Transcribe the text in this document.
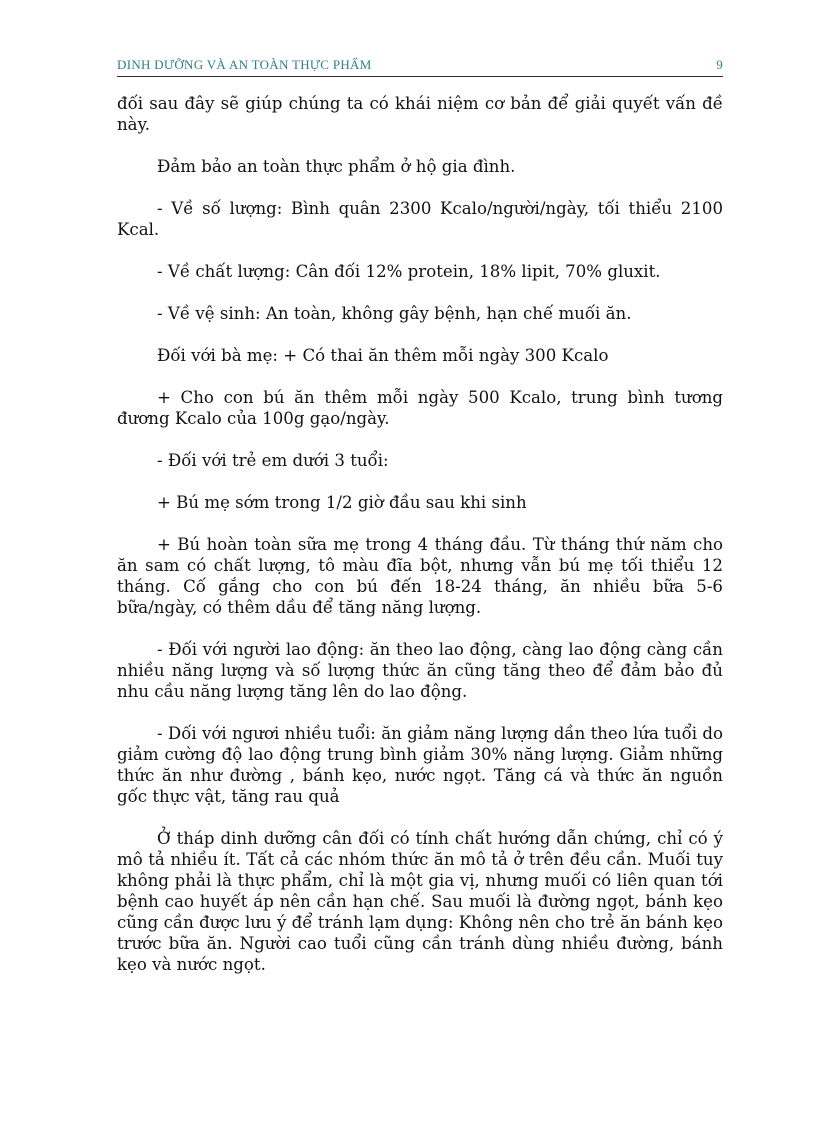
DINH DƯỠNG VÀ AN TOÀN THỰC PHẨM	9

đối sau đây sẽ giúp chúng ta có khái niệm cơ bản để giải quyết vấn đề này.

Đảm bảo an toàn thực phẩm ở hộ gia đình.

- Về số lượng: Bình quân 2300 Kcalo/người/ngày, tối thiểu 2100 Kcal.

- Về chất lượng: Cân đối 12% protein, 18% lipit, 70% gluxit.

- Về vệ sinh: An toàn, không gây bệnh, hạn chế muối ăn.

Đối với bà mẹ: + Có thai ăn thêm mỗi ngày 300 Kcalo

+ Cho con bú ăn thêm mỗi ngày 500 Kcalo, trung bình tương đương Kcalo của 100g gạo/ngày.

- Đối với trẻ em dưới 3 tuổi:

+ Bú mẹ sớm trong 1/2 giờ đầu sau khi sinh

+ Bú hoàn toàn sữa mẹ trong 4 tháng đầu. Từ tháng thứ năm cho ăn sam có chất lượng, tô màu đĩa bột, nhưng vẫn bú mẹ tối thiểu 12 tháng. Cố gắng cho con bú đến 18-24 tháng, ăn nhiều bữa 5-6 bữa/ngày, có thêm dầu để tăng năng lượng.

- Đối với người lao động: ăn theo lao động, càng lao động càng cần nhiều năng lượng và số lượng thức ăn cũng tăng theo để đảm bảo đủ nhu cầu năng lượng tăng lên do lao động.

- Dối với ngươi nhiều tuổi: ăn giảm năng lượng dần theo lứa tuổi do giảm cường độ lao động trung bình giảm 30% năng lượng. Giảm những thức ăn như đường , bánh kẹo, nước ngọt. Tăng cá và thức ăn nguồn gốc thực vật, tăng rau quả

Ở tháp dinh dưỡng cân đối có tính chất hướng dẫn chứng, chỉ có ý mô tả nhiều ít. Tất cả các nhóm thức ăn mô tả ở trên đều cần. Muối tuy không phải là thực phẩm, chỉ là một gia vị, nhưng muối có liên quan tới bệnh cao huyết áp nên cần hạn chế. Sau muối là đường ngọt, bánh kẹo cũng cần được lưu ý để tránh lạm dụng: Không nên cho trẻ ăn bánh kẹo trước bữa ăn. Người cao tuổi cũng cần tránh dùng nhiều đường, bánh kẹo và nước ngọt.
